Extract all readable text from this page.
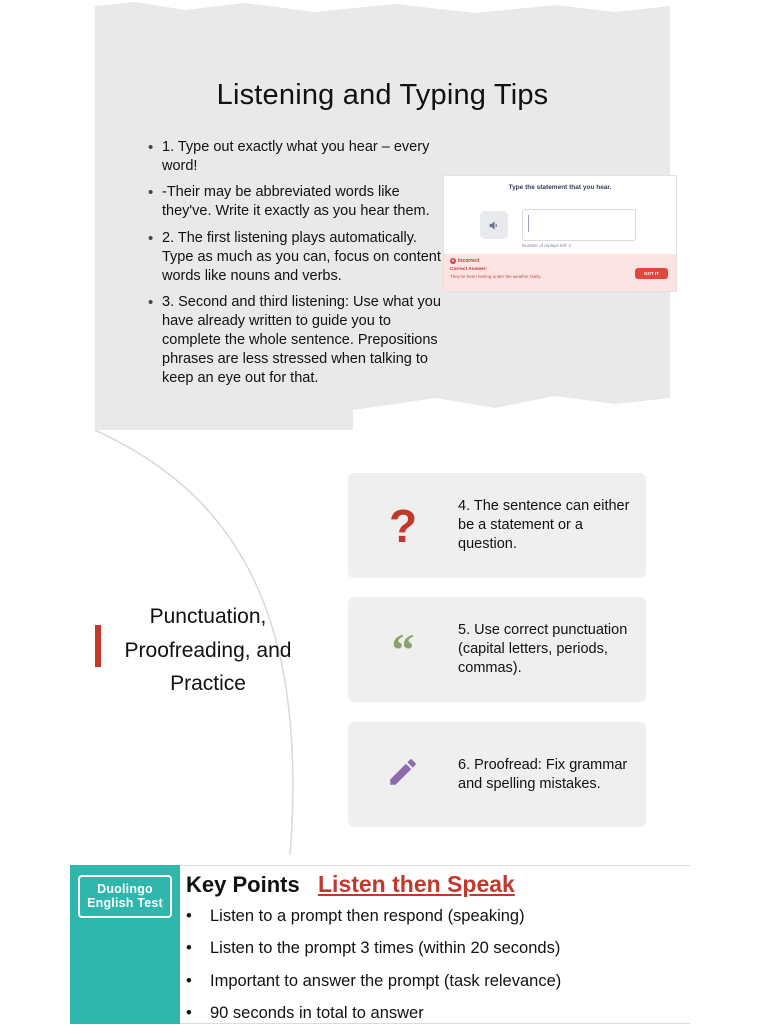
Listening and Typing Tips
• 1. Type out exactly what you hear – every word!
• -Their may be abbreviated words like they've. Write it exactly as you hear them.
• 2. The first listening plays automatically. Type as much as you can, focus on content words like nouns and verbs.
• 3. Second and third listening: Use what you have already written to guide you to complete the whole sentence. Prepositions phrases are less stressed when talking to keep an eye out for that.
Type the statement that you hear.
Number of replays left: 2
✕ Incorrect
Correct Answer:
They've been feeling under the weather lately.
GOT IT
Punctuation, Proofreading, and Practice
?	4. The sentence can either be a statement or a question.
“	5. Use correct punctuation (capital letters, periods, commas).
6. Proofread: Fix grammar and spelling mistakes.
Duolingo
English Test
Key Points Listen then Speak
•	Listen to a prompt then respond (speaking)
•	Listen to the prompt 3 times (within 20 seconds)
•	Important to answer the prompt (task relevance)
•	90 seconds in total to answer
